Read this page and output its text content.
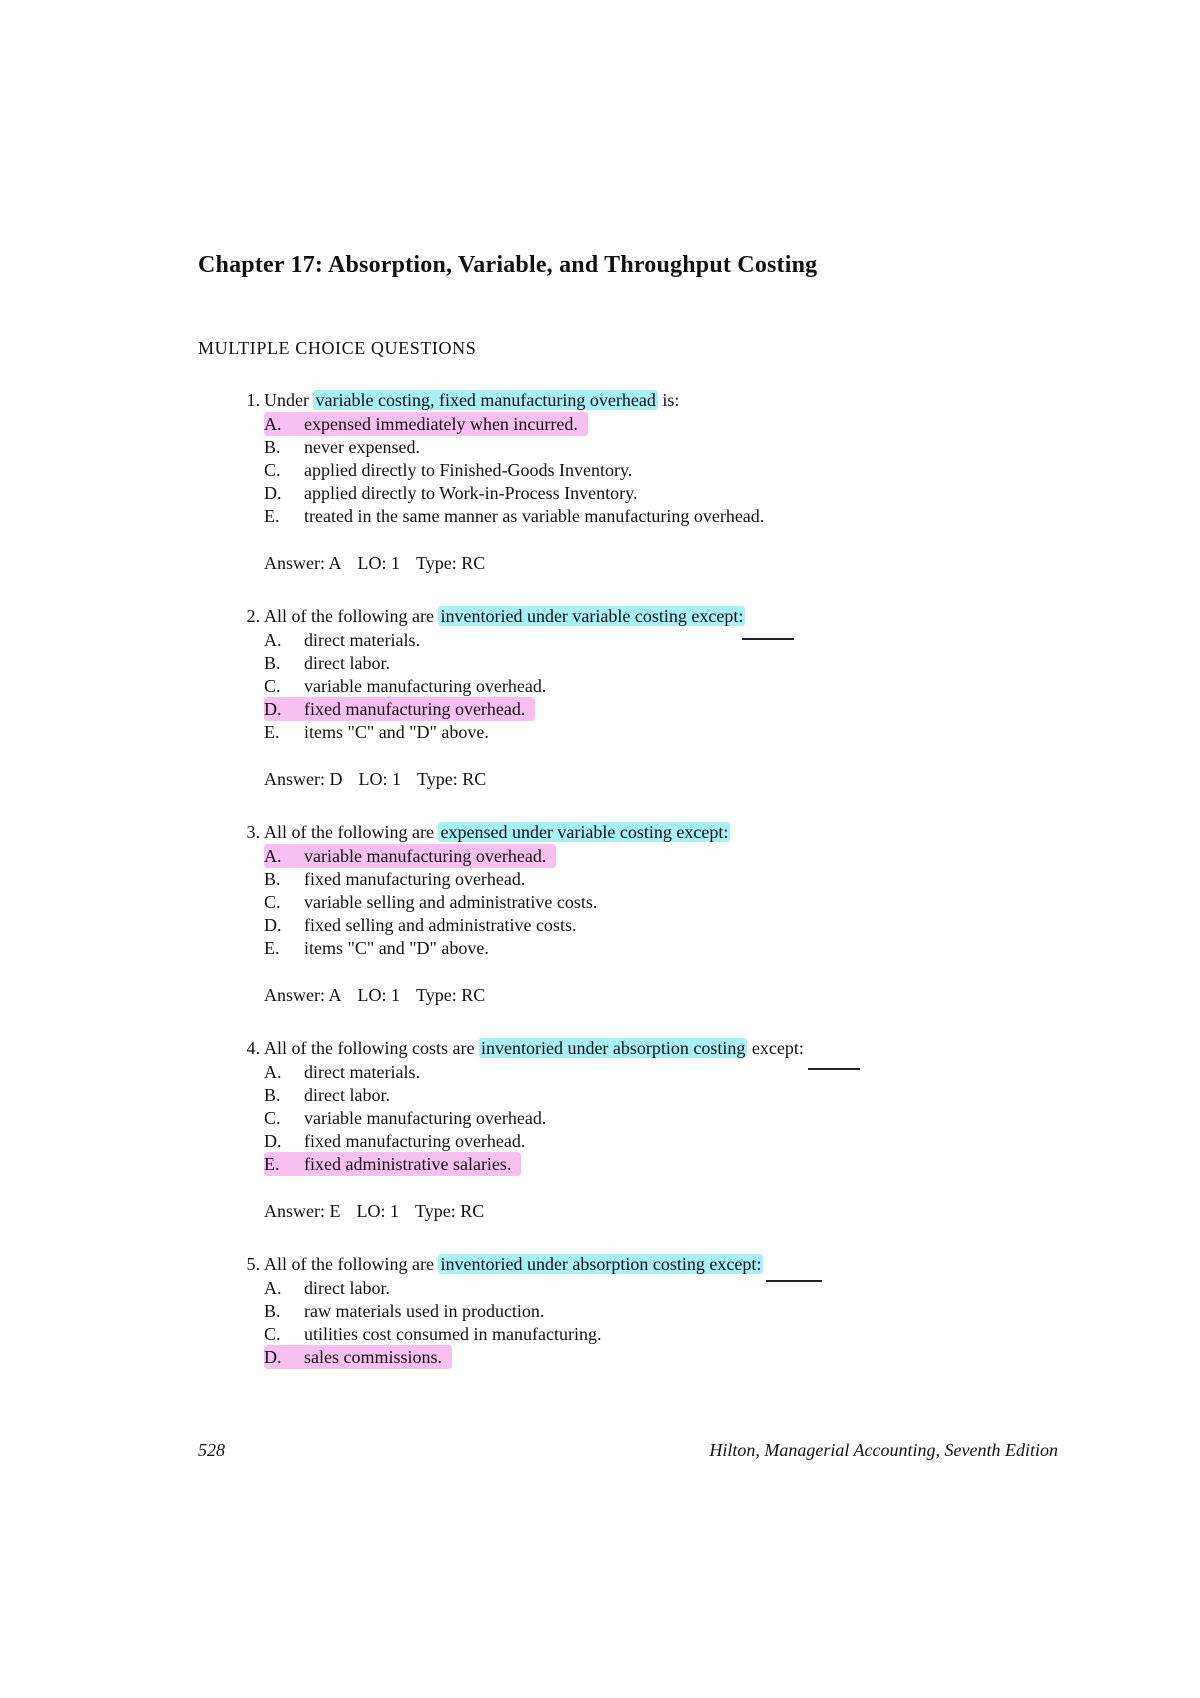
Chapter 17: Absorption, Variable, and Throughput Costing
MULTIPLE CHOICE QUESTIONS
1. Under variable costing, fixed manufacturing overhead is:
A. expensed immediately when incurred.
B. never expensed.
C. applied directly to Finished-Goods Inventory.
D. applied directly to Work-in-Process Inventory.
E. treated in the same manner as variable manufacturing overhead.
Answer: A LO: 1 Type: RC
2. All of the following are inventoried under variable costing except:
A. direct materials.
B. direct labor.
C. variable manufacturing overhead.
D. fixed manufacturing overhead.
E. items "C" and "D" above.
Answer: D LO: 1 Type: RC
3. All of the following are expensed under variable costing except:
A. variable manufacturing overhead.
B. fixed manufacturing overhead.
C. variable selling and administrative costs.
D. fixed selling and administrative costs.
E. items "C" and "D" above.
Answer: A LO: 1 Type: RC
4. All of the following costs are inventoried under absorption costing except:
A. direct materials.
B. direct labor.
C. variable manufacturing overhead.
D. fixed manufacturing overhead.
E. fixed administrative salaries.
Answer: E LO: 1 Type: RC
5. All of the following are inventoried under absorption costing except:
A. direct labor.
B. raw materials used in production.
C. utilities cost consumed in manufacturing.
D. sales commissions.
528	Hilton, Managerial Accounting, Seventh Edition
